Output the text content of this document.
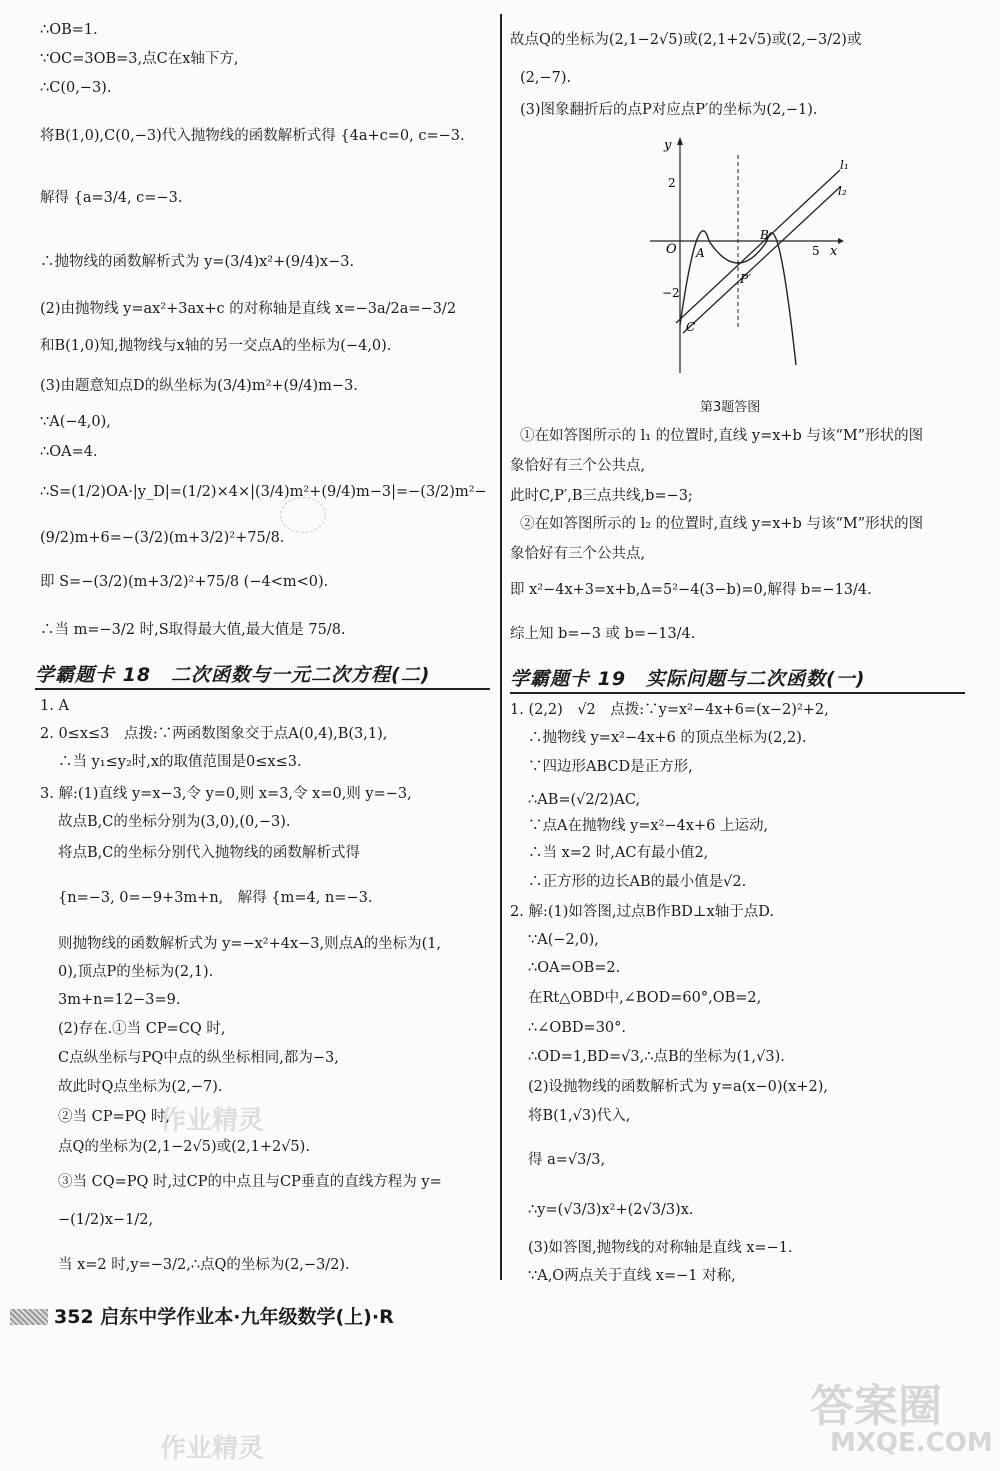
∴OB=1.
∵OC=3OB=3,点C在x轴下方,
∴C(0,−3).
将B(1,0),C(0,−3)代入抛物线的函数解析式得 {4a+c=0, c=−3.
解得 {a=3/4, c=−3.
∴抛物线的函数解析式为 y=(3/4)x²+(9/4)x−3.
(2)由抛物线 y=ax²+3ax+c 的对称轴是直线 x=−3a/2a=−3/2
和B(1,0)知,抛物线与x轴的另一交点A的坐标为(−4,0).
(3)由题意知点D的纵坐标为(3/4)m²+(9/4)m−3.
∵A(−4,0),
∴OA=4.
∴S=(1/2)OA·|y_D|=(1/2)×4×|(3/4)m²+(9/4)m−3|=−(3/2)m²−
(9/2)m+6=−(3/2)(m+3/2)²+75/8.
即 S=−(3/2)(m+3/2)²+75/8 (−4<m<0).
∴当 m=−3/2 时,S取得最大值,最大值是 75/8.
学霸题卡 18　二次函数与一元二次方程(二)
1. A
2. 0≤x≤3　点拨:∵两函数图象交于点A(0,4),B(3,1),
∴当 y₁≤y₂时,x的取值范围是0≤x≤3.
3. 解:(1)直线 y=x−3,令 y=0,则 x=3,令 x=0,则 y=−3,
故点B,C的坐标分别为(3,0),(0,−3).
将点B,C的坐标分别代入抛物线的函数解析式得
{n=−3, 0=−9+3m+n,　解得 {m=4, n=−3.
则抛物线的函数解析式为 y=−x²+4x−3,则点A的坐标为(1,
0),顶点P的坐标为(2,1).
3m+n=12−3=9.
(2)存在.①当 CP=CQ 时,
C点纵坐标与PQ中点的纵坐标相同,都为−3,
故此时Q点坐标为(2,−7).
②当 CP=PQ 时,
点Q的坐标为(2,1−2√5)或(2,1+2√5).
③当 CQ=PQ 时,过CP的中点且与CP垂直的直线方程为 y=
−(1/2)x−1/2,
当 x=2 时,y=−3/2,∴点Q的坐标为(2,−3/2).
故点Q的坐标为(2,1−2√5)或(2,1+2√5)或(2,−3/2)或
(2,−7).
(3)图象翻折后的点P对应点P′的坐标为(2,−1).
y
x
O A
B
C
P′
l₁
l₂
2
−2
5
第3题答图
①在如答图所示的 l₁ 的位置时,直线 y=x+b 与该“M”形状的图
象恰好有三个公共点,
此时C,P′,B三点共线,b=−3;
②在如答图所示的 l₂ 的位置时,直线 y=x+b 与该“M”形状的图
象恰好有三个公共点,
即 x²−4x+3=x+b,Δ=5²−4(3−b)=0,解得 b=−13/4.
综上知 b=−3 或 b=−13/4.
学霸题卡 19　实际问题与二次函数(一)
1. (2,2)　√2　点拨:∵y=x²−4x+6=(x−2)²+2,
∴抛物线 y=x²−4x+6 的顶点坐标为(2,2).
∵四边形ABCD是正方形,
∴AB=(√2/2)AC,
∵点A在抛物线 y=x²−4x+6 上运动,
∴当 x=2 时,AC有最小值2,
∴正方形的边长AB的最小值是√2.
2. 解:(1)如答图,过点B作BD⊥x轴于点D.
∵A(−2,0),
∴OA=OB=2.
在Rt△OBD中,∠BOD=60°,OB=2,
∴∠OBD=30°.
∴OD=1,BD=√3,∴点B的坐标为(1,√3).
(2)设抛物线的函数解析式为 y=a(x−0)(x+2),
将B(1,√3)代入,
得 a=√3/3,
∴y=(√3/3)x²+(2√3/3)x.
(3)如答图,抛物线的对称轴是直线 x=−1.
∵A,O两点关于直线 x=−1 对称,
352 启东中学作业本·九年级数学(上)·R
作业精灵
作业精灵
答案圈
MXQE.COM
